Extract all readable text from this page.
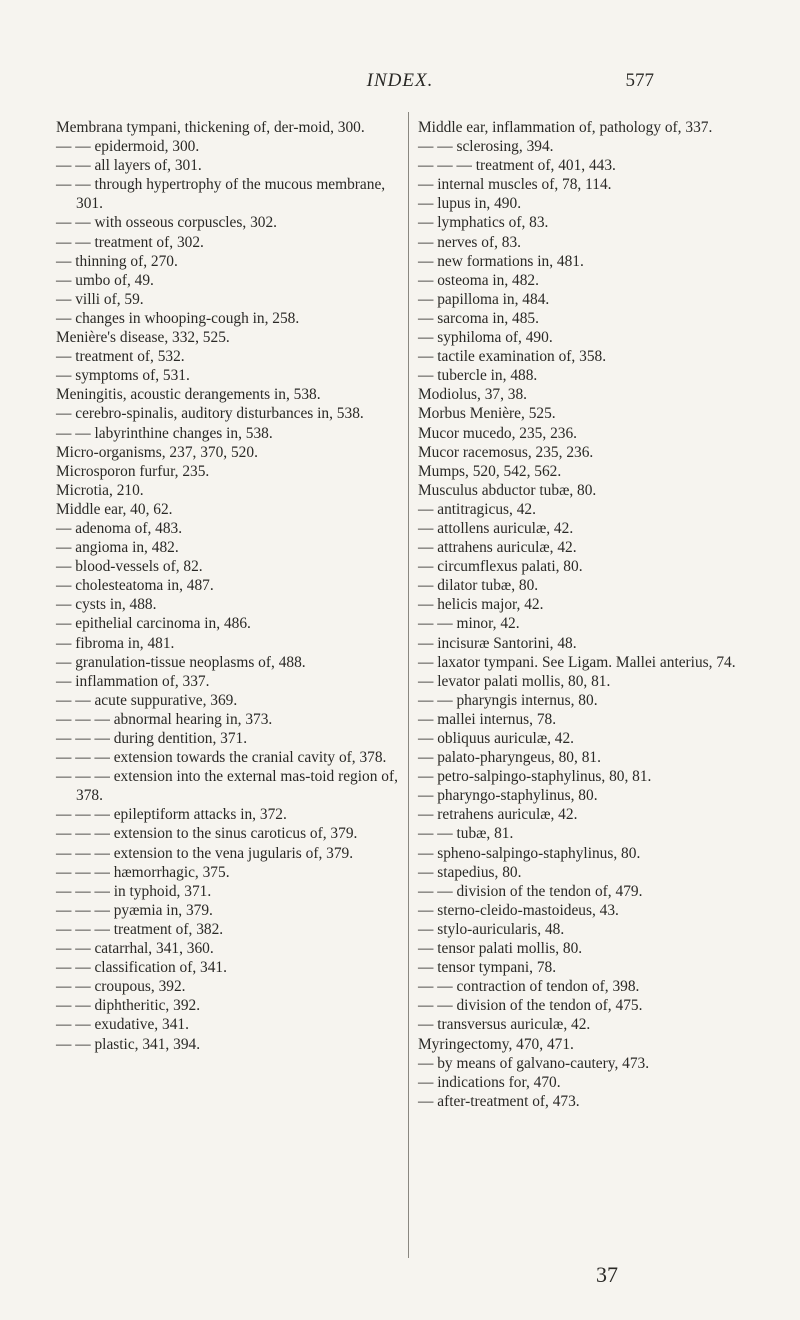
INDEX.	577
Membrana tympani, thickening of, der-moid, 300.
— — epidermoid, 300.
— — all layers of, 301.
— — through hypertrophy of the mucous membrane, 301.
— — with osseous corpuscles, 302.
— — treatment of, 302.
— thinning of, 270.
— umbo of, 49.
— villi of, 59.
— changes in whooping-cough in, 258.
Menière's disease, 332, 525.
— treatment of, 532.
— symptoms of, 531.
Meningitis, acoustic derangements in, 538.
— cerebro-spinalis, auditory disturbances in, 538.
— — labyrinthine changes in, 538.
Micro-organisms, 237, 370, 520.
Microsporon furfur, 235.
Microtia, 210.
Middle ear, 40, 62.
— adenoma of, 483.
— angioma in, 482.
— blood-vessels of, 82.
— cholesteatoma in, 487.
— cysts in, 488.
— epithelial carcinoma in, 486.
— fibroma in, 481.
— granulation-tissue neoplasms of, 488.
— inflammation of, 337.
— — acute suppurative, 369.
— — — abnormal hearing in, 373.
— — — during dentition, 371.
— — — extension towards the cranial cavity of, 378.
— — — extension into the external mas-toid region of, 378.
— — — epileptiform attacks in, 372.
— — — extension to the sinus caroticus of, 379.
— — — extension to the vena jugularis of, 379.
— — — hæmorrhagic, 375.
— — — in typhoid, 371.
— — — pyæmia in, 379.
— — — treatment of, 382.
— — catarrhal, 341, 360.
— — classification of, 341.
— — croupous, 392.
— — diphtheritic, 392.
— — exudative, 341.
— — plastic, 341, 394.
Middle ear, inflammation of, pathology of, 337.
— — sclerosing, 394.
— — — treatment of, 401, 443.
— internal muscles of, 78, 114.
— lupus in, 490.
— lymphatics of, 83.
— nerves of, 83.
— new formations in, 481.
— osteoma in, 482.
— papilloma in, 484.
— sarcoma in, 485.
— syphiloma of, 490.
— tactile examination of, 358.
— tubercle in, 488.
Modiolus, 37, 38.
Morbus Menière, 525.
Mucor mucedo, 235, 236.
Mucor racemosus, 235, 236.
Mumps, 520, 542, 562.
Musculus abductor tubæ, 80.
— antitragicus, 42.
— attollens auriculæ, 42.
— attrahens auriculæ, 42.
— circumflexus palati, 80.
— dilator tubæ, 80.
— helicis major, 42.
— — minor, 42.
— incisuræ Santorini, 48.
— laxator tympani. See Ligam. Mallei anterius, 74.
— levator palati mollis, 80, 81.
— — pharyngis internus, 80.
— mallei internus, 78.
— obliquus auriculæ, 42.
— palato-pharyngeus, 80, 81.
— petro-salpingo-staphylinus, 80, 81.
— pharyngo-staphylinus, 80.
— retrahens auriculæ, 42.
— — tubæ, 81.
— spheno-salpingo-staphylinus, 80.
— stapedius, 80.
— — division of the tendon of, 479.
— sterno-cleido-mastoideus, 43.
— stylo-auricularis, 48.
— tensor palati mollis, 80.
— tensor tympani, 78.
— — contraction of tendon of, 398.
— — division of the tendon of, 475.
— transversus auriculæ, 42.
Myringectomy, 470, 471.
— by means of galvano-cautery, 473.
— indications for, 470.
— after-treatment of, 473.
37
